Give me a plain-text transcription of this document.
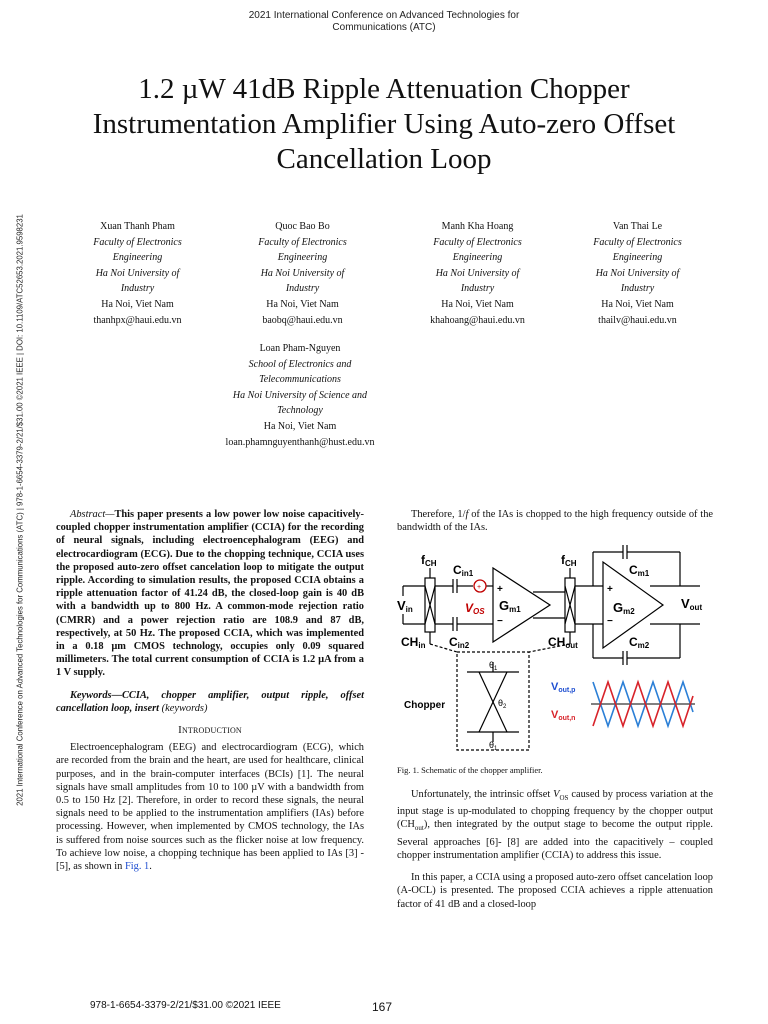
2021 International Conference on Advanced Technologies for
Communications (ATC)
1.2 µW 41dB Ripple Attenuation Chopper
Instrumentation Amplifier Using Auto-zero Offset
Cancellation Loop
2021 International Conference on Advanced Technologies for Communications (ATC) | 978-1-6654-3379-2/21/$31.00 ©2021 IEEE | DOI: 10.1109/ATC52653.2021.9598231	Xuan Thanh Pham
Faculty of Electronics
Engineering
Ha Noi University of
Industry
Ha Noi, Viet Nam
thanhpx@haui.edu.vn
Quoc Bao Bo
Faculty of Electronics
Engineering
Ha Noi University of
Industry
Ha Noi, Viet Nam
baobq@haui.edu.vn
Manh Kha Hoang
Faculty of Electronics
Engineering
Ha Noi University of
Industry
Ha Noi, Viet Nam
khahoang@haui.edu.vn
Van Thai Le
Faculty of Electronics
Engineering
Ha Noi University of
Industry
Ha Noi, Viet Nam
thailv@haui.edu.vn
Loan Pham-Nguyen
School of Electronics and
Telecommunications
Ha Noi University of Science and
Technology
Ha Noi, Viet Nam
loan.phamnguyenthanh@hust.edu.vn

Abstract—This paper presents a low power low noise capacitively-coupled chopper instrumentation amplifier (CCIA) for the recording of neural signals, including electroencephalogram (EEG) and electrocardiogram (ECG). Due to the chopping technique, CCIA uses the proposed auto-zero offset cancelation loop to mitigate the output ripple. According to simulation results, the proposed CCIA obtains a ripple attenuation factor of 41.24 dB, the closed-loop gain is 40 dB with a bandwidth up to 800 Hz. A common-mode rejection ratio (CMRR) and a power rejection ratio are 108.9 and 87 dB, respectively, at 50 Hz. The proposed CCIA, which was implemented in a 0.18 µm CMOS technology, occupies only 0.09 squared millimeters. The total current consumption of CCIA is 1.2 µA from a 1 V supply.

Keywords—CCIA, chopper amplifier, output ripple, offset cancellation loop, insert (keywords)

Introduction

Electroencephalogram (EEG) and electrocardiogram (ECG), which are recorded from the brain and the heart, are used for healthcare, clinical purposes, and in the brain-computer interfaces (BCIs) [1]. The neural signals have small amplitudes from 10 to 100 µV with a bandwidth from 0.5 to 150 Hz [2]. Therefore, in order to record these signals, the neural signals need to be applied to the instrumentation amplifiers (IAs) before processing. However, when implemented by CMOS technology, the IAs is suffered from noise sources such as the flicker noise at low frequency. To achieve low noise, a chopping technique has been applied to IAs [3] - [5], as shown in Fig. 1.

Therefore, 1/f of the IAs is chopped to the high frequency outside of the bandwidth of the IAs.

+
fCH Cin1
VOS Gm1
+
−
fCH	Cm1
Vin	Gm2
+
−
Vout
CHin Cin2	CHout	Cm2
Chopper
$\theta_1$
$\theta_2$
$\theta_1$
Vout,p
Vout,n
Fig. 1. Schematic of the chopper amplifier.

Unfortunately, the intrinsic offset $V_{OS}$ caused by process variation at the input stage is up-modulated to chopping frequency by the chopper output $(CH_{out})$, then integrated by the output stage to become the output ripple. Several approaches [6]- [8] are added into the capacitively – coupled chopper instrumentation amplifier (CCIA) to address this issue.

In this paper, a CCIA using a proposed auto-zero offset cancelation loop (A-OCL) is presented. The proposed CCIA achieves a ripple attenuation factor of 41 dB and a closed-loop

978-1-6654-3379-2/21/$31.00 ©2021 IEEE	167
